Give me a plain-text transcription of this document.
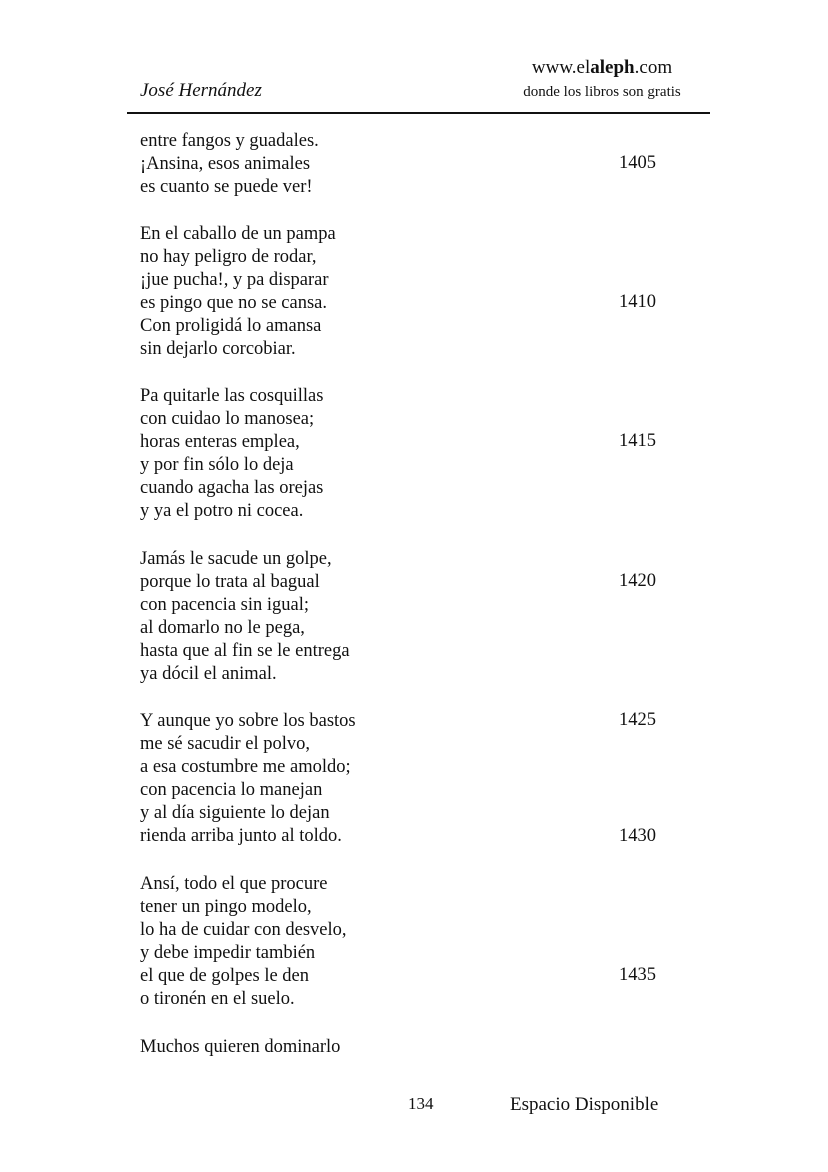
José Hernández
www.elaleph.com
donde los libros son gratis
entre fangos y guadales.
¡Ansina, esos animales
es cuanto se puede ver!
En el caballo de un pampa
no hay peligro de rodar,
¡jue pucha!, y pa disparar
es pingo que no se cansa.
Con proligidá lo amansa
sin dejarlo corcobiar.
Pa quitarle las cosquillas
con cuidao lo manosea;
horas enteras emplea,
y por fin sólo lo deja
cuando agacha las orejas
y ya el potro ni cocea.
Jamás le sacude un golpe,
porque lo trata al bagual
con pacencia sin igual;
al domarlo no le pega,
hasta que al fin se le entrega
ya dócil el animal.
Y aunque yo sobre los bastos
me sé sacudir el polvo,
a esa costumbre me amoldo;
con pacencia lo manejan
y al día siguiente lo dejan
rienda arriba junto al toldo.
Ansí, todo el que procure
tener un pingo modelo,
lo ha de cuidar con desvelo,
y debe impedir también
el que de golpes le den
o tironén en el suelo.
Muchos quieren dominarlo
1405
1410
1415
1420
1425
1430
1435
134	Espacio Disponible
